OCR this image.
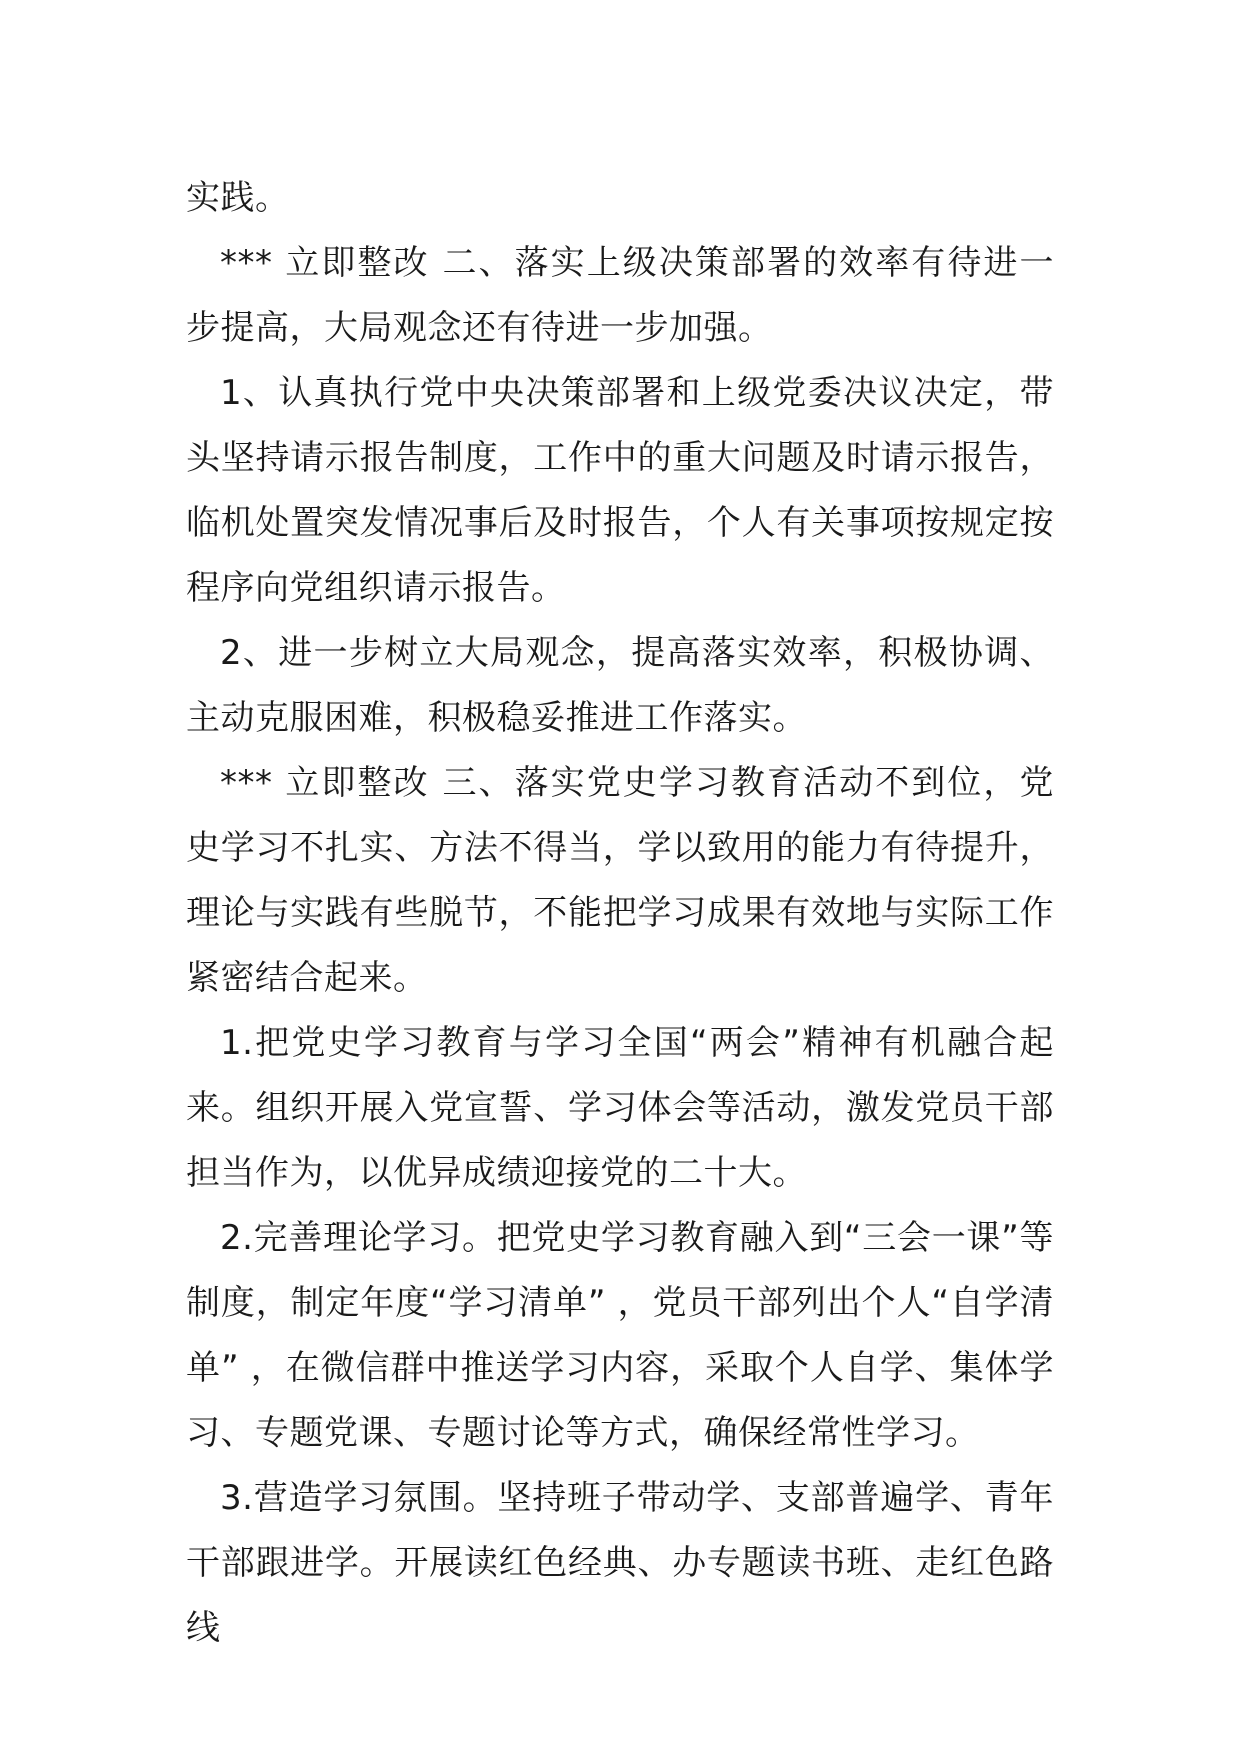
实践。

*** 立即整改 二、落实上级决策部署的效率有待进一步提高，大局观念还有待进一步加强。

1、认真执行党中央决策部署和上级党委决议决定，带头坚持请示报告制度，工作中的重大问题及时请示报告，临机处置突发情况事后及时报告，个人有关事项按规定按程序向党组织请示报告。

2、进一步树立大局观念，提高落实效率，积极协调、主动克服困难，积极稳妥推进工作落实。

*** 立即整改 三、落实党史学习教育活动不到位，党史学习不扎实、方法不得当，学以致用的能力有待提升，理论与实践有些脱节，不能把学习成果有效地与实际工作紧密结合起来。

1.把党史学习教育与学习全国“两会”精神有机融合起来。组织开展入党宣誓、学习体会等活动，激发党员干部担当作为，以优异成绩迎接党的二十大。

2.完善理论学习。把党史学习教育融入到“三会一课”等制度，制定年度“学习清单” ，党员干部列出个人“自学清单” ，在微信群中推送学习内容，采取个人自学、集体学习、专题党课、专题讨论等方式，确保经常性学习。

3.营造学习氛围。坚持班子带动学、支部普遍学、青年干部跟进学。开展读红色经典、办专题读书班、走红色路线
